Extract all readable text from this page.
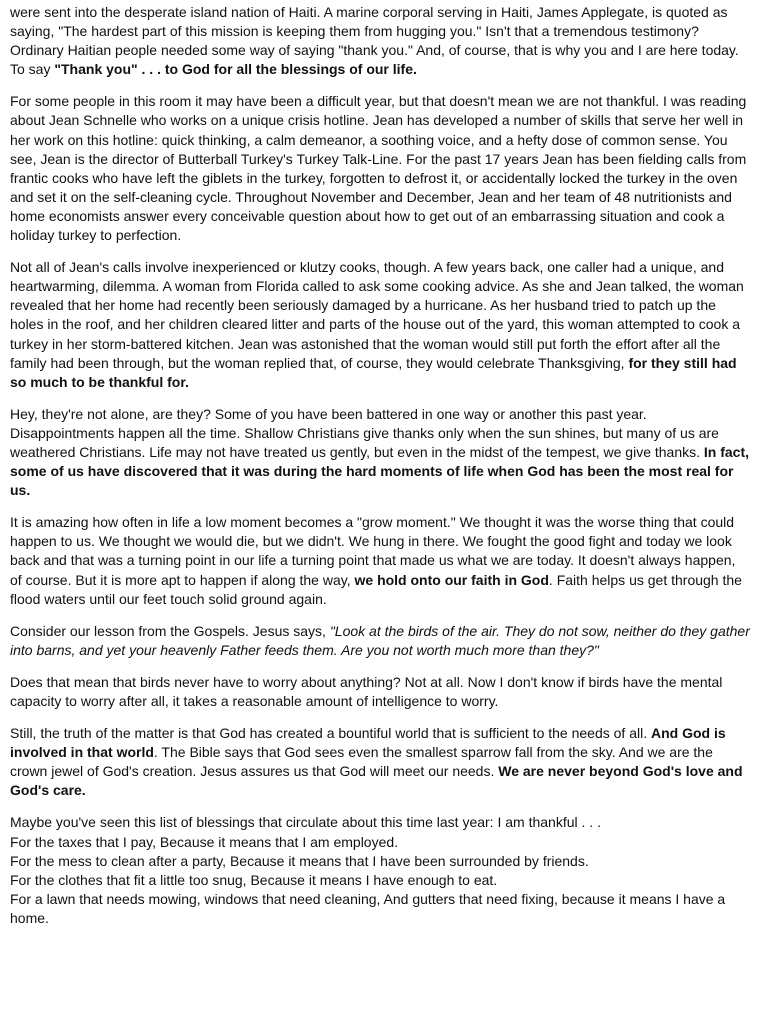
were sent into the desperate island nation of Haiti. A marine corporal serving in Haiti, James Applegate, is quoted as saying, "The hardest part of this mission is keeping them from hugging you." Isn't that a tremendous testimony? Ordinary Haitian people needed some way of saying "thank you." And, of course, that is why you and I are here today. To say "Thank you" . . . to God for all the blessings of our life.

For some people in this room it may have been a difficult year, but that doesn't mean we are not thankful. I was reading about Jean Schnelle who works on a unique crisis hotline. Jean has developed a number of skills that serve her well in her work on this hotline: quick thinking, a calm demeanor, a soothing voice, and a hefty dose of common sense. You see, Jean is the director of Butterball Turkey's Turkey Talk-Line. For the past 17 years Jean has been fielding calls from frantic cooks who have left the giblets in the turkey, forgotten to defrost it, or accidentally locked the turkey in the oven and set it on the self-cleaning cycle. Throughout November and December, Jean and her team of 48 nutritionists and home economists answer every conceivable question about how to get out of an embarrassing situation and cook a holiday turkey to perfection.

Not all of Jean's calls involve inexperienced or klutzy cooks, though. A few years back, one caller had a unique, and heartwarming, dilemma. A woman from Florida called to ask some cooking advice. As she and Jean talked, the woman revealed that her home had recently been seriously damaged by a hurricane. As her husband tried to patch up the holes in the roof, and her children cleared litter and parts of the house out of the yard, this woman attempted to cook a turkey in her storm-battered kitchen. Jean was astonished that the woman would still put forth the effort after all the family had been through, but the woman replied that, of course, they would celebrate Thanksgiving, for they still had so much to be thankful for.

Hey, they're not alone, are they? Some of you have been battered in one way or another this past year. Disappointments happen all the time. Shallow Christians give thanks only when the sun shines, but many of us are weathered Christians. Life may not have treated us gently, but even in the midst of the tempest, we give thanks. In fact, some of us have discovered that it was during the hard moments of life when God has been the most real for us.

It is amazing how often in life a low moment becomes a "grow moment." We thought it was the worse thing that could happen to us. We thought we would die, but we didn't. We hung in there. We fought the good fight and today we look back and that was a turning point in our life a turning point that made us what we are today. It doesn't always happen, of course. But it is more apt to happen if along the way, we hold onto our faith in God. Faith helps us get through the flood waters until our feet touch solid ground again.

Consider our lesson from the Gospels. Jesus says, "Look at the birds of the air. They do not sow, neither do they gather into barns, and yet your heavenly Father feeds them. Are you not worth much more than they?"

Does that mean that birds never have to worry about anything? Not at all. Now I don't know if birds have the mental capacity to worry after all, it takes a reasonable amount of intelligence to worry.

Still, the truth of the matter is that God has created a bountiful world that is sufficient to the needs of all. And God is involved in that world. The Bible says that God sees even the smallest sparrow fall from the sky. And we are the crown jewel of God's creation. Jesus assures us that God will meet our needs. We are never beyond God's love and God's care.

Maybe you've seen this list of blessings that circulate about this time last year: I am thankful . . .
For the taxes that I pay, Because it means that I am employed.
For the mess to clean after a party, Because it means that I have been surrounded by friends.
For the clothes that fit a little too snug, Because it means I have enough to eat.
For a lawn that needs mowing, windows that need cleaning, And gutters that need fixing, because it means I have a home.
